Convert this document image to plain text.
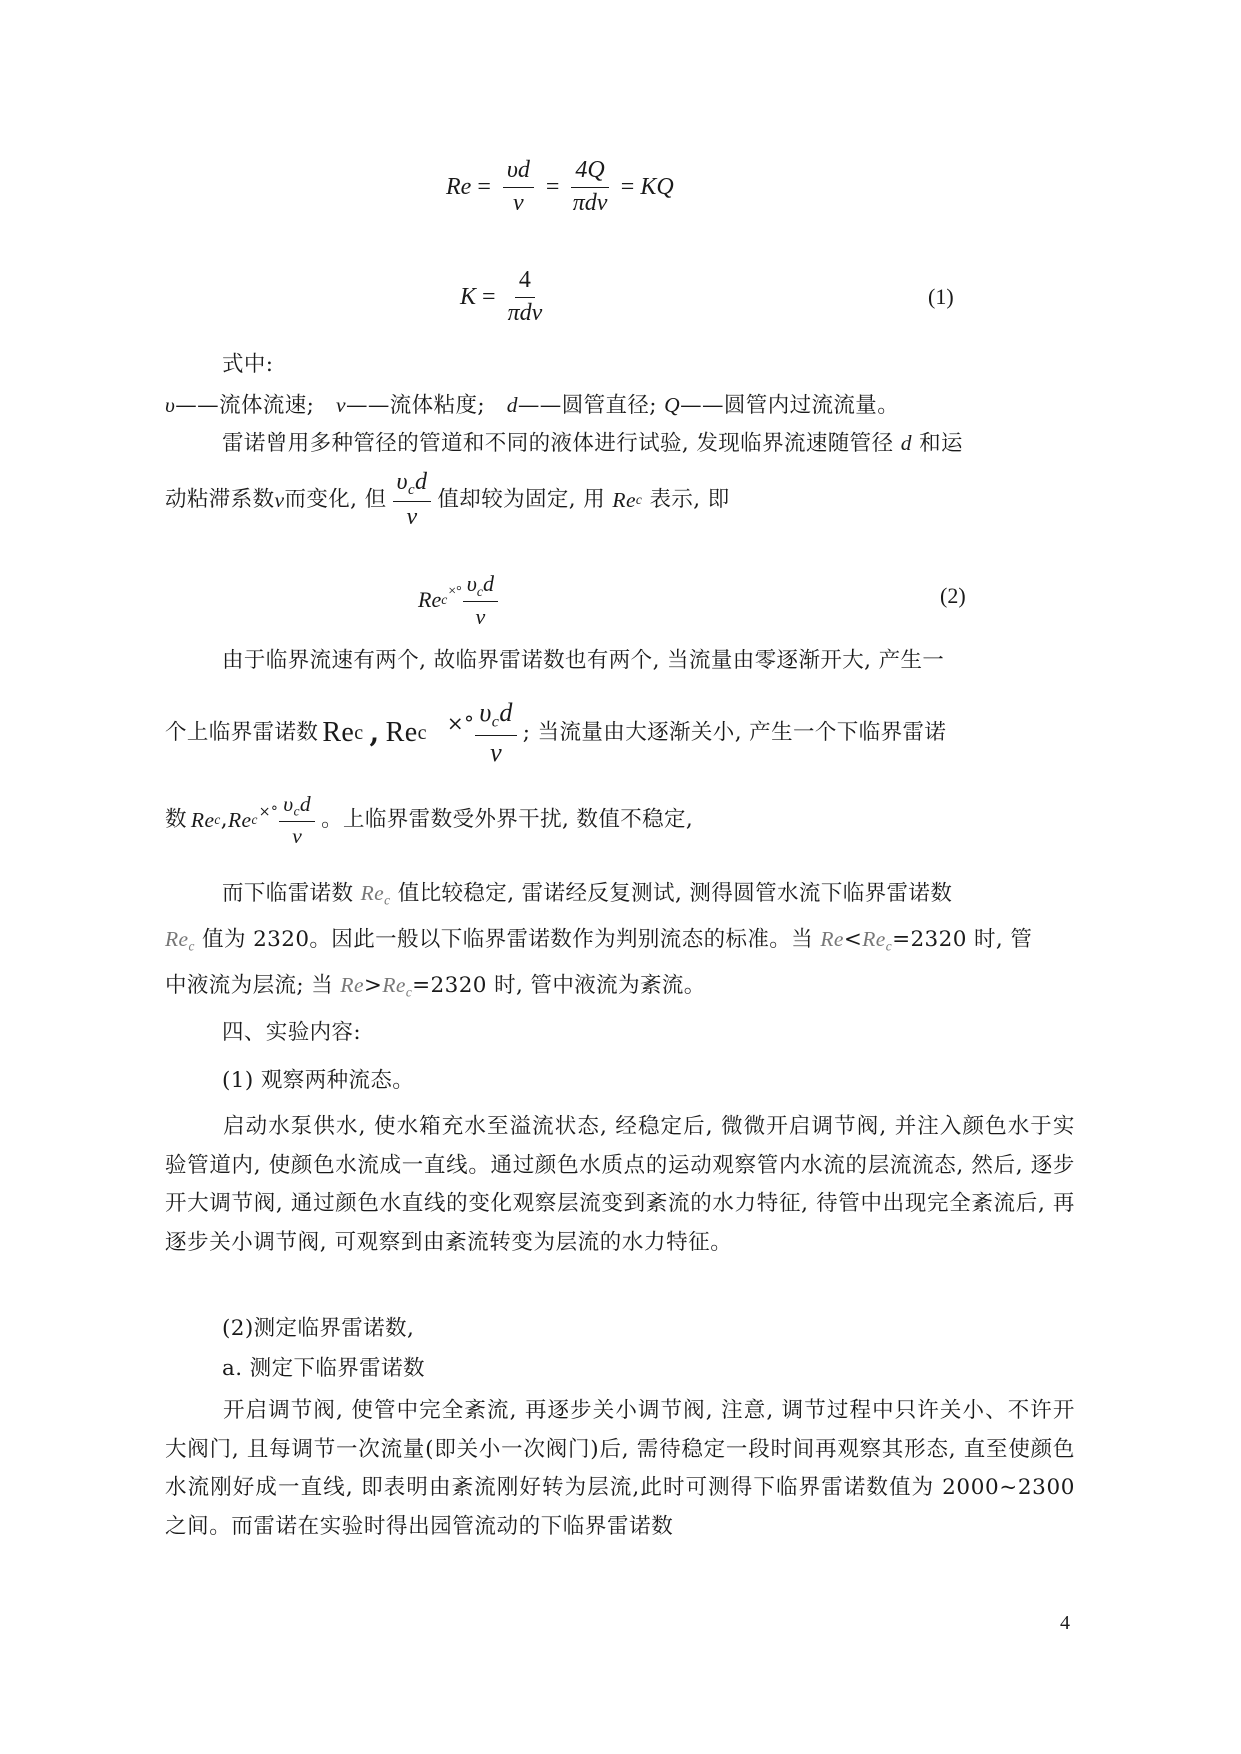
$Re = \frac{\upsilon d}{\nu} = \frac{4Q}{\text{πdν}}$ = KQ
$K = \frac{4}{\text{πdν}}$	(1)
式中:
υ——流体流速; ν——流体粘度; d——圆管直径; Q——圆管内过流流量。
雷诺曾用多种管径的管道和不同的液体进行试验, 发现临界流速随管径 d 和运
动粘滞系数 ν 而变化, 但 $\frac{\upsilon_cd}{\nu}$ 值却较为固定, 用
Re c
表示, 即
Re c
×° $\frac{\upsilon_cd}{\nu}$	(2)
由于临界流速有两个, 故临界雷诺数也有两个, 当流量由零逐渐开大, 产生一
个上临界雷诺数 Re c , Re c ×° $\frac{\upsilon_cd}{\nu}$ ; 当流量由大逐渐关小, 产生一个下临界雷诺
数 Re c , Re c ×° $\frac{\upsilon_cd}{\nu}$ 。上临界雷数受外界干扰, 数值不稳定,
而下临雷诺数 $Re_c$ 值比较稳定, 雷诺经反复测试, 测得圆管水流下临界雷诺数
$Re_c$ 值为 2320。因此一般以下临界雷诺数作为判别流态的标准。当 $Re<Re_c=2320$ 时, 管
中液流为层流; 当 $Re>Re_c=2320$ 时, 管中液流为紊流。
四、实验内容:
(1) 观察两种流态。
启动水泵供水, 使水箱充水至溢流状态, 经稳定后, 微微开启调节阀, 并注入颜色水于实验管道内, 使颜色水流成一直线。通过颜色水质点的运动观察管内水流的层流流态, 然后, 逐步开大调节阀, 通过颜色水直线的变化观察层流变到紊流的水力特征, 待管中出现完全紊流后, 再逐步关小调节阀, 可观察到由紊流转变为层流的水力特征。
(2)测定临界雷诺数,
a. 测定下临界雷诺数
开启调节阀, 使管中完全紊流, 再逐步关小调节阀, 注意, 调节过程中只许关小、不许开大阀门, 且每调节一次流量(即关小一次阀门)后, 需待稳定一段时间再观察其形态, 直至使颜色水流刚好成一直线, 即表明由紊流刚好转为层流,此时可测得下临界雷诺数值为 2000~2300 之间。而雷诺在实验时得出园管流动的下临界雷诺数
4
